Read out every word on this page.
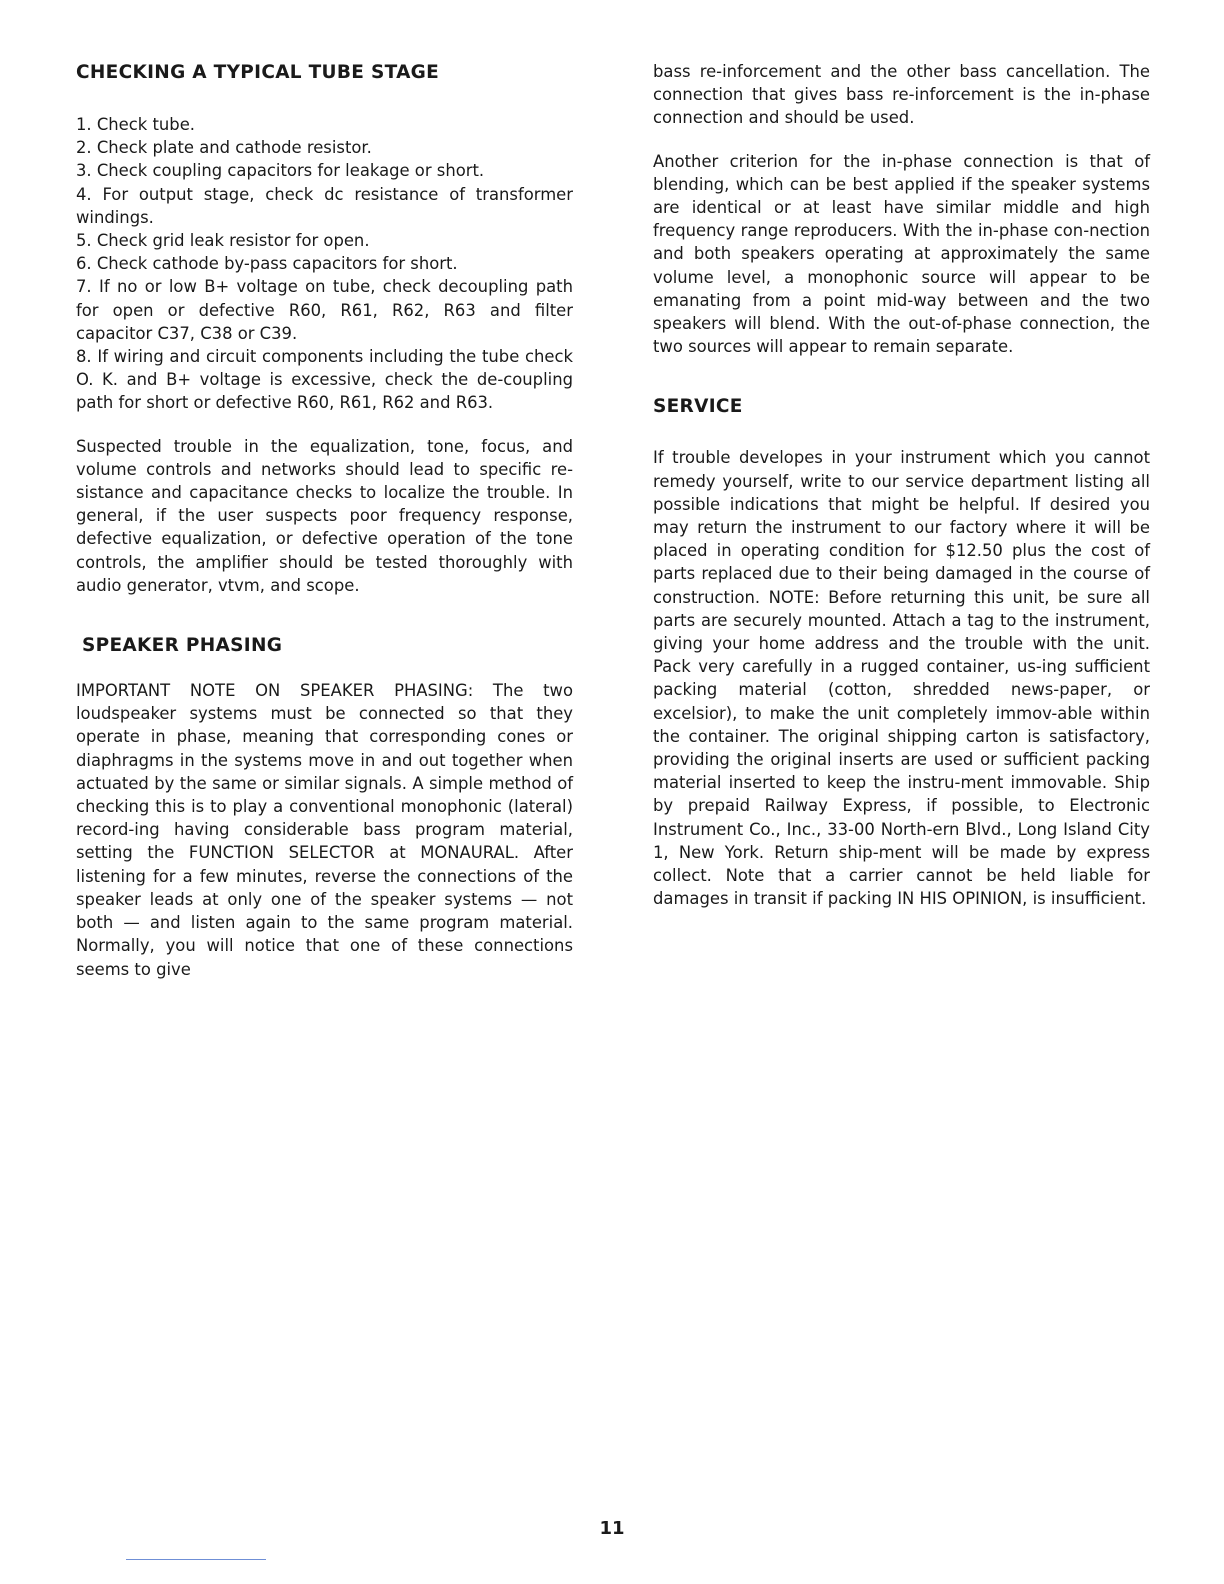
CHECKING A TYPICAL TUBE STAGE
1. Check tube.
2. Check plate and cathode resistor.
3. Check coupling capacitors for leakage or short.
4. For output stage, check dc resistance of transformer windings.
5. Check grid leak resistor for open.
6. Check cathode by-pass capacitors for short.
7. If no or low B+ voltage on tube, check decoupling path for open or defective R60, R61, R62, R63 and filter capacitor C37, C38 or C39.
8. If wiring and circuit components including the tube check O. K. and B+ voltage is excessive, check the de-coupling path for short or defective R60, R61, R62 and R63.

Suspected trouble in the equalization, tone, focus, and volume controls and networks should lead to specific re-sistance and capacitance checks to localize the trouble. In general, if the user suspects poor frequency response, defective equalization, or defective operation of the tone controls, the amplifier should be tested thoroughly with audio generator, vtvm, and scope.

SPEAKER PHASING

IMPORTANT NOTE ON SPEAKER PHASING: The two loudspeaker systems must be connected so that they operate in phase, meaning that corresponding cones or diaphragms in the systems move in and out together when actuated by the same or similar signals. A simple method of checking this is to play a conventional monophonic (lateral) record-ing having considerable bass program material, setting the FUNCTION SELECTOR at MONAURAL. After listening for a few minutes, reverse the connections of the speaker leads at only one of the speaker systems — not both — and listen again to the same program material. Normally, you will notice that one of these connections seems to give

bass re-inforcement and the other bass cancellation. The connection that gives bass re-inforcement is the in-phase connection and should be used.

Another criterion for the in-phase connection is that of blending, which can be best applied if the speaker systems are identical or at least have similar middle and high frequency range reproducers. With the in-phase con-nection and both speakers operating at approximately the same volume level, a monophonic source will appear to be emanating from a point mid-way between and the two speakers will blend. With the out-of-phase connection, the two sources will appear to remain separate.

SERVICE

If trouble developes in your instrument which you cannot remedy yourself, write to our service department listing all possible indications that might be helpful. If desired you may return the instrument to our factory where it will be placed in operating condition for $12.50 plus the cost of parts replaced due to their being damaged in the course of construction. NOTE: Before returning this unit, be sure all parts are securely mounted. Attach a tag to the instrument, giving your home address and the trouble with the unit. Pack very carefully in a rugged container, us-ing sufficient packing material (cotton, shredded news-paper, or excelsior), to make the unit completely immov-able within the container. The original shipping carton is satisfactory, providing the original inserts are used or sufficient packing material inserted to keep the instru-ment immovable. Ship by prepaid Railway Express, if possible, to Electronic Instrument Co., Inc., 33-00 North-ern Blvd., Long Island City 1, New York. Return ship-ment will be made by express collect. Note that a carrier cannot be held liable for damages in transit if packing IN HIS OPINION, is insufficient.

11
